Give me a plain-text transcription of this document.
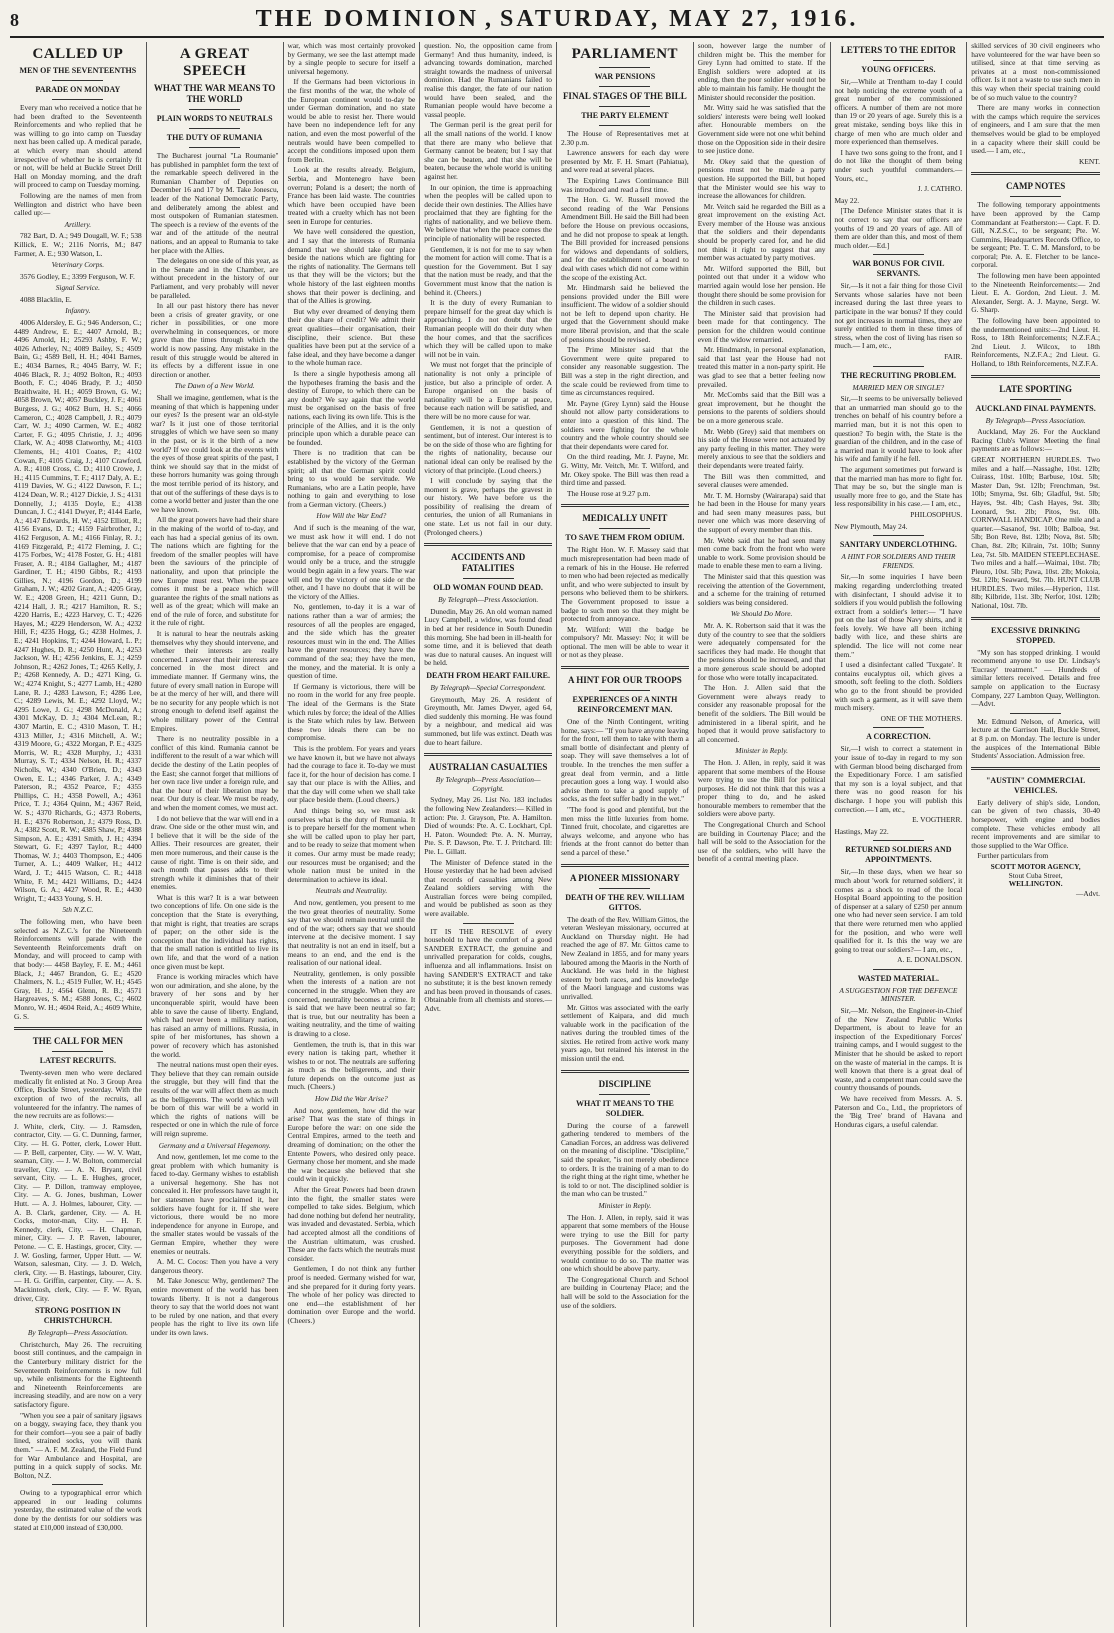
8	THE DOMINION , SATURDAY, MAY 27, 1916.
CALLED UP
MEN OF THE SEVENTEENTHS
PARADE ON MONDAY

Every man who received a notice that he had been drafted to the Seventeenth Reinforcements and who replied that he was willing to go into camp on Tuesday next has been called up. A medical parade, at which every man should attend irrespective of whether he is certainly fit or not, will be held at Buckle Street Drill Hall on Monday morning, and the draft will proceed to camp on Tuesday morning.

Following are the names of men from Wellington and district who have been called up:—

Artillery.

782 Bart, D. A.; 949 Dougall, W. F.; 538 Killick, E. W.; 2116 Norris, M.; 847 Farmer, A. E.; 930 Watson, L.

Veterinary Corps.

3576 Godley, E.; 3399 Ferguson, W. F.

Signal Service.

4088 Blacklin, E.

Infantry.

4006 Aldersley, E. G.; 946 Anderson, C.; 4489 Andrew, E. E.; 4407 Arnold, B.; 4496 Arnold, H.; 25293 Ashby, F. W.; 4026 Atherley, N.; 4089 Bailey, S.; 4509 Bain, G.; 4589 Bell, H. H.; 4041 Barnes, E.; 4034 Barnes, R.; 4045 Barry, W. F.; 4046 Black, R. J.; 4092 Bolton, R.; 4093 Booth, F. C.; 4046 Brady, P. J.; 4050 Braithwaite, H. H.; 4059 Brown, G. W.; 4058 Brown, W.; 4057 Buckley, J. F.; 4061 Burgess, J. G.; 4062 Burn, H. S.; 4066 Cameron, C.; 4028 Campbell, J. R.; 4079 Carr, W. J.; 4090 Carmen, W. E.; 4082 Carter, F. G.; 4095 Christie, J. J.; 4096 Clark, W. A.; 4098 Clatworthy, M.; 4103 Clements, H.; 4101 Coates, P.; 4102 Cowan, F.; 4105 Craig, J.; 4107 Crawford, A. R.; 4108 Cross, C. D.; 4110 Crowe, J. H.; 4115 Cummins, T. F.; 4117 Daly, A. E.; 4119 Davies, W. G.; 4122 Dawson, F. L.; 4124 Dean, W. R.; 4127 Dickie, J. S.; 4131 Donnelly, J.; 4135 Doyle, E.; 4138 Duncan, J. C.; 4141 Dwyer, P.; 4144 Earle, A.; 4147 Edwards, H. W.; 4152 Elliott, R.; 4156 Evans, D. T.; 4159 Fairbrother, J.; 4162 Ferguson, A. M.; 4166 Finlay, R. J.; 4169 Fitzgerald, P.; 4172 Fleming, J. C.; 4175 Forbes, W.; 4178 Foster, G. H.; 4181 Fraser, A. R.; 4184 Gallagher, M.; 4187 Gardiner, T. H.; 4190 Gibbs, R.; 4193 Gillies, N.; 4196 Gordon, D.; 4199 Graham, J. W.; 4202 Grant, A.; 4205 Gray, W. E.; 4208 Green, H.; 4211 Gunn, D.; 4214 Hall, J. R.; 4217 Hamilton, R. S.; 4220 Harris, E.; 4223 Harvey, C. T.; 4226 Hayes, M.; 4229 Henderson, W. A.; 4232 Hill, F.; 4235 Hogg, G.; 4238 Holmes, J. E.; 4241 Hopkins, T.; 4244 Howard, L. P.; 4247 Hughes, D. R.; 4250 Hunt, A.; 4253 Jackson, W. H.; 4256 Jenkins, E. J.; 4259 Johnson, R.; 4262 Jones, T.; 4265 Kelly, J. P.; 4268 Kennedy, A. D.; 4271 King, G. W.; 4274 Knight, S.; 4277 Lamb, H.; 4280 Lane, R. J.; 4283 Lawson, F.; 4286 Lee, C.; 4289 Lewis, M. E.; 4292 Lloyd, W.; 4295 Lowe, J. G.; 4298 McDonald, A.; 4301 McKay, D. J.; 4304 McLean, R.; 4307 Martin, E. C.; 4310 Mason, T. H.; 4313 Miller, J.; 4316 Mitchell, A. W.; 4319 Moore, G.; 4322 Morgan, P. E.; 4325 Morris, W. R.; 4328 Murphy, J.; 4331 Murray, S. T.; 4334 Nelson, H. R.; 4337 Nicholls, W.; 4340 O'Brien, D.; 4343 Owen, E. L.; 4346 Parker, J. A.; 4349 Paterson, R.; 4352 Pearce, F.; 4355 Phillips, C. H.; 4358 Powell, A.; 4361 Price, T. J.; 4364 Quinn, M.; 4367 Reid, W. S.; 4370 Richards, G.; 4373 Roberts, H. E.; 4376 Robertson, J.; 4379 Ross, D. A.; 4382 Scott, R. W.; 4385 Shaw, P.; 4388 Simpson, A. E.; 4391 Smith, J. H.; 4394 Stewart, G. F.; 4397 Taylor, R.; 4400 Thomas, W. J.; 4403 Thompson, E.; 4406 Turner, A. L.; 4409 Walker, H.; 4412 Ward, J. T.; 4415 Watson, C. R.; 4418 White, F. M.; 4421 Williams, D.; 4424 Wilson, G. A.; 4427 Wood, R. E.; 4430 Wright, T.; 4433 Young, S. H.

5th N.Z.C.

The following men, who have been selected as N.Z.C.'s for the Nineteenth Reinforcements will parade with the Seventeenth Reinforcements draft on Monday, and will proceed to camp with that body:— 4458 Bayley, F. E. M.; 4461 Black, J.; 4467 Brandon, G. E.; 4520 Chalmers, N. L.; 4519 Fuller, W. H.; 4545 Gray, H. J.; 4564 Glenn, R. B.; 4571 Hargreaves, S. M.; 4588 Jones, C.; 4602 Monro, W. H.; 4604 Reid, A.; 4609 White, G. S.

THE CALL FOR MEN
LATEST RECRUITS.

Twenty-seven men who were declared medically fit enlisted at No. 3 Group Area Office, Buckle Street, yesterday. With the exception of two of the recruits, all volunteered for the infantry. The names of the new recruits are as follows:—

J. White, clerk, City. — J. Ramsden, contractor, City. — G. C. Dunning, farmer, City. — H. G. Potter, clerk, Lower Hutt. — P. Bell, carpenter, City. — W. V. Watt, seaman, City. — J. W. Bolton, commercial traveller, City. — A. N. Bryant, civil servant, City. — L. E. Hughes, grocer, City. — P. Dillon, tramway employee, City. — A. G. Jones, bushman, Lower Hutt. — A. J. Holmes, labourer, City. — A. B. Clark, gardener, City. — A. H. Cocks, motor-man, City. — H. F. Kennedy, clerk, City. — H. Chapman, miner, City. — J. P. Raven, labourer, Petone. — C. E. Hastings, grocer, City. — J. W. Gosling, farmer, Upper Hutt. — W. Watson, salesman, City. — J. D. Welch, clerk, City. — B. Hastings, labourer, City. — H. G. Griffin, carpenter, City. — A. S. Mackintosh, clerk, City. — F. W. Ryan, driver, City.

STRONG POSITION IN CHRISTCHURCH.
By Telegraph—Press Association.

Christchurch, May 26. The recruiting boost still continues, and the campaign in the Canterbury military district for the Seventeenth Reinforcements is now full up, while enlistments for the Eighteenth and Nineteenth Reinforcements are increasing steadily, and are now on a very satisfactory figure.

"When you see a pair of sanitary jigsaws on a boggy, swaying face, they thank you for their comfort—you see a pair of badly lined, strained socks, you will thank them." — A. F. M. Zealand, the Field Fund for War Ambulance and Hospital, are putting in a quick supply of socks. Mr. Bolton, N.Z.

Owing to a typographical error which appeared in our leading columns yesterday, the estimated value of the work done by the dentists for our soldiers was stated at £10,000 instead of £30,000.

A GREAT SPEECH
WHAT THE WAR MEANS TO THE WORLD
PLAIN WORDS TO NEUTRALS
THE DUTY OF RUMANIA

The Bucharest journal "La Roumanie" has published in pamphlet form the text of the remarkable speech delivered in the Rumanian Chamber of Deputies on December 16 and 17 by M. Take Jonescu, leader of the National Democratic Party, and deliberately among the ablest and most outspoken of Rumanian statesmen. The speech is a review of the events of the war and of the attitude of the neutral nations, and an appeal to Rumania to take her place with the Allies.

The delegates on one side of this year, as in the Senate and in the Chamber, are without precedent in the history of our Parliament, and very probably will never be paralleled.

In all our past history there has never been a crisis of greater gravity, or one richer in possibilities, or one more overwhelming in consequences, or more grave than the times through which the world is now passing. Any mistake in the result of this struggle would be altered in its effects by a different issue in one direction or another.

The Dawn of a New World.

Shall we imagine, gentlemen, what is the meaning of that which is happening under our eyes? Is the present war an old-style war? Is it just one of those territorial struggles of which we have seen so many in the past, or is it the birth of a new world? If we could look at the events with the eyes of those great spirits of the past, I think we should say that in the midst of these horrors humanity was going through the most terrible period of its history, and that out of the sufferings of these days is to come a world better and juster than the one we have known.

All the great powers have had their share in the making of the world of to-day, and each has had a special genius of its own. The nations which are fighting for the freedom of the smaller peoples will have been the saviours of the principle of nationality, and upon that principle the new Europe must rest. When the peace comes it must be a peace which will guarantee the rights of the small nations as well as of the great; which will make an end of the rule of force, and substitute for it the rule of right.

It is natural to hear the neutrals asking themselves why they should intervene, and whether their interests are really concerned. I answer that their interests are concerned in the most direct and immediate manner. If Germany wins, the future of every small nation in Europe will be at the mercy of her will, and there will be no security for any people which is not strong enough to defend itself against the whole military power of the Central Empires.

There is no neutrality possible in a conflict of this kind. Rumania cannot be indifferent to the result of a war which will decide the destiny of the Latin peoples of the East; she cannot forget that millions of her own race live under a foreign rule, and that the hour of their liberation may be near. Our duty is clear. We must be ready, and when the moment comes, we must act.

I do not believe that the war will end in a draw. One side or the other must win, and I believe that it will be the side of the Allies. Their resources are greater, their men more numerous, and their cause is the cause of right. Time is on their side, and each month that passes adds to their strength while it diminishes that of their enemies.

What is this war? It is a war between two conceptions of life. On one side is the conception that the State is everything, that might is right, that treaties are scraps of paper; on the other side is the conception that the individual has rights, that the small nation is entitled to live its own life, and that the word of a nation once given must be kept.

France is working miracles which have won our admiration, and she alone, by the bravery of her sons and by her unconquerable spirit, would have been able to save the cause of liberty. England, which had never been a military nation, has raised an army of millions. Russia, in spite of her misfortunes, has shown a power of recovery which has astonished the world.

The neutral nations must open their eyes. They believe that they can remain outside the struggle, but they will find that the results of the war will affect them as much as the belligerents. The world which will be born of this war will be a world in which the rights of nations will be respected or one in which the rule of force will reign supreme.

Germany and a Universal Hegemony.

And now, gentlemen, let me come to the great problem with which humanity is faced to-day. Germany wishes to establish a universal hegemony. She has not concealed it. Her professors have taught it, her statesmen have proclaimed it, her soldiers have fought for it. If she were victorious, there would be no more independence for anyone in Europe, and the smaller states would be vassals of the German Empire, whether they were enemies or neutrals.

A. M. C. Cocos: Then you have a very dangerous theory.

M. Take Jonescu: Why, gentlemen? The entire movement of the world has been towards liberty. It is not a dangerous theory to say that the world does not want to be ruled by one nation, and that every people has the right to live its own life under its own laws.

war, which was most certainly provoked by Germany, we see the last attempt made by a single people to secure for itself a universal hegemony.

If the Germans had been victorious in the first months of the war, the whole of the European continent would to-day be under German domination, and no state would be able to resist her. There would have been no independence left for any nation, and even the most powerful of the neutrals would have been compelled to accept the conditions imposed upon them from Berlin.

Look at the results already. Belgium, Serbia, and Montenegro have been overrun; Poland is a desert; the north of France has been laid waste. The countries which have been occupied have been treated with a cruelty which has not been seen in Europe for centuries.

We have well considered the question, and I say that the interests of Rumania demand that we should take our place beside the nations which are fighting for the rights of nationality. The Germans tell us that they will be the victors; but the whole history of the last eighteen months shows that their power is declining, and that of the Allies is growing.

But why ever dreamed of denying them their due share of credit? We admit their great qualities—their organisation, their discipline, their science. But these qualities have been put at the service of a false ideal, and they have become a danger to the whole human race.

Is there a single hypothesis among all the hypotheses framing the basis and the destiny of Europe, to which there can be any doubt? We say again that the world must be organised on the basis of free nations, each living its own life. This is the principle of the Allies, and it is the only principle upon which a durable peace can be founded.

There is no tradition that can be established by the victory of the German spirit; all that the German spirit could bring to us would be servitude. We Rumanians, who are a Latin people, have nothing to gain and everything to lose from a German victory. (Cheers.)

How Will the War End?

And if such is the meaning of the war, we must ask how it will end. I do not believe that the war can end by a peace of compromise, for a peace of compromise would only be a truce, and the struggle would begin again in a few years. The war will end by the victory of one side or the other, and I have no doubt that it will be the victory of the Allies.

No, gentlemen, to-day it is a war of nations rather than a war of armies; the resources of all the peoples are engaged, and the side which has the greater resources must win in the end. The Allies have the greater resources; they have the command of the sea; they have the men, the money, and the material. It is only a question of time.

If Germany is victorious, there will be no room in the world for any free people. The ideal of the Germans is the State which rules by force; the ideal of the Allies is the State which rules by law. Between these two ideals there can be no compromise.

This is the problem. For years and years we have known it, but we have not always had the courage to face it. To-day we must face it, for the hour of decision has come. I say that our place is with the Allies, and that the day will come when we shall take our place beside them. (Loud cheers.)

And things being so, we must ask ourselves what is the duty of Rumania. It is to prepare herself for the moment when she will be called upon to play her part, and to be ready to seize that moment when it comes. Our army must be made ready; our resources must be organised; and the whole nation must be united in the determination to achieve its ideal.

Neutrals and Neutrality.

And now, gentlemen, you present to me the two great theories of neutrality. Some say that we should remain neutral until the end of the war; others say that we should intervene at the decisive moment. I say that neutrality is not an end in itself, but a means to an end, and the end is the realisation of our national ideal.

Neutrality, gentlemen, is only possible when the interests of a nation are not concerned in the struggle. When they are concerned, neutrality becomes a crime. It is said that we have been neutral so far; that is true, but our neutrality has been a waiting neutrality, and the time of waiting is drawing to a close.

Gentlemen, the truth is, that in this war every nation is taking part, whether it wishes to or not. The neutrals are suffering as much as the belligerents, and their future depends on the outcome just as much. (Cheers.)

How Did the War Arise?

And now, gentlemen, how did the war arise? That was the state of things in Europe before the war: on one side the Central Empires, armed to the teeth and dreaming of domination; on the other the Entente Powers, who desired only peace. Germany chose her moment, and she made the war because she believed that she could win it quickly.

After the Great Powers had been drawn into the fight, the smaller states were compelled to take sides. Belgium, which had done nothing but defend her neutrality, was invaded and devastated. Serbia, which had accepted almost all the conditions of the Austrian ultimatum, was crushed. These are the facts which the neutrals must consider.

Gentlemen, I do not think any further proof is needed. Germany wished for war, and she prepared for it during forty years. The whole of her policy was directed to one end—the establishment of her domination over Europe and the world. (Cheers.)

question. No, the opposition came from Germany! And thus humanity, indeed, is advancing towards domination, marched straight towards the madness of universal dominion. Had the Rumanians failed to realise this danger, the fate of our nation would have been sealed, and the Rumanian people would have become a vassal people.

The German peril is the great peril for all the small nations of the world. I know that there are many who believe that Germany cannot be beaten; but I say that she can be beaten, and that she will be beaten, because the whole world is uniting against her.

In our opinion, the time is approaching when the peoples will be called upon to decide their own destinies. The Allies have proclaimed that they are fighting for the rights of nationality, and we believe them. We believe that when the peace comes the principle of nationality will be respected.

Gentlemen, it is not for me to say when the moment for action will come. That is a question for the Government. But I say that the nation must be ready, and that the Government must know that the nation is behind it. (Cheers.)

It is the duty of every Rumanian to prepare himself for the great day which is approaching. I do not doubt that the Rumanian people will do their duty when the hour comes, and that the sacrifices which they will be called upon to make will not be in vain.

We must not forget that the principle of nationality is not only a principle of justice, but also a principle of order. A Europe organised on the basis of nationality will be a Europe at peace, because each nation will be satisfied, and there will be no more cause for war.

Gentlemen, it is not a question of sentiment, but of interest. Our interest is to be on the side of those who are fighting for the rights of nationality, because our national ideal can only be realised by the victory of that principle. (Loud cheers.)

I will conclude by saying that the moment is grave, perhaps the gravest in our history. We have before us the possibility of realising the dream of centuries, the union of all Rumanians in one state. Let us not fail in our duty. (Prolonged cheers.)

ACCIDENTS AND FATALITIES
OLD WOMAN FOUND DEAD.
By Telegraph—Press Association.

Dunedin, May 26. An old woman named Lucy Campbell, a widow, was found dead in bed at her residence in South Dunedin this morning. She had been in ill-health for some time, and it is believed that death was due to natural causes. An inquest will be held.

DEATH FROM HEART FAILURE.
By Telegraph—Special Correspondent.

Greymouth, May 26. A resident of Greymouth, Mr. James Dwyer, aged 64, died suddenly this morning. He was found by a neighbour, and medical aid was summoned, but life was extinct. Death was due to heart failure.

AUSTRALIAN CASUALTIES
By Telegraph—Press Association—Copyright.

Sydney, May 26. List No. 183 includes the following New Zealanders:— Killed in action: Pte. J. Grayson, Pte. A. Hamilton. Died of wounds: Pte. A. C. Lockhart, Cpl. H. Paton. Wounded: Pte. A. N. Murray, Pte. S. P. Dawson, Pte. T. J. Pritchard. Ill: Pte. L. Gillatt.

The Minister of Defence stated in the House yesterday that he had been advised that records of casualties among New Zealand soldiers serving with the Australian forces were being compiled, and would be published as soon as they were available.

IT IS THE RESOLVE of every household to have the comfort of a good SANDER EXTRACT, the genuine and unrivalled preparation for colds, coughs, influenza and all inflammations. Insist on having SANDER'S EXTRACT and take no substitute; it is the best known remedy and has been proved in thousands of cases. Obtainable from all chemists and stores.—Advt.

PARLIAMENT
WAR PENSIONS
FINAL STAGES OF THE BILL
THE PARTY ELEMENT

The House of Representatives met at 2.30 p.m.

Lawrence answers for each day were presented by Mr. F. H. Smart (Pahiatua), and were read at several places.

The Expiring Laws Continuance Bill was introduced and read a first time.

The Hon. G. W. Russell moved the second reading of the War Pensions Amendment Bill. He said the Bill had been before the House on previous occasions, and he did not propose to speak at length. The Bill provided for increased pensions for widows and dependants of soldiers, and for the establishment of a board to deal with cases which did not come within the scope of the existing Act.

Mr. Hindmarsh said he believed the pensions provided under the Bill were insufficient. The widow of a soldier should not be left to depend upon charity. He urged that the Government should make more liberal provision, and that the scale of pensions should be revised.

The Prime Minister said that the Government were quite prepared to consider any reasonable suggestion. The Bill was a step in the right direction, and the scale could be reviewed from time to time as circumstances required.

Mr. Payne (Grey Lynn) said the House should not allow party considerations to enter into a question of this kind. The soldiers were fighting for the whole country and the whole country should see that their dependants were cared for.

On the third reading, Mr. J. Payne, Mr. G. Witty, Mr. Veitch, Mr. T. Wilford, and Mr. Okey spoke. The Bill was then read a third time and passed.

The House rose at 9.27 p.m.

MEDICALLY UNFIT
TO SAVE THEM FROM ODIUM.

The Right Hon. W. F. Massey said that much misrepresentation had been made of a remark of his in the House. He referred to men who had been rejected as medically unfit, and who were subjected to insult by persons who believed them to be shirkers. The Government proposed to issue a badge to such men so that they might be protected from annoyance.

Mr. Wilford: Will the badge be compulsory? Mr. Massey: No; it will be optional. The men will be able to wear it or not as they please.

A HINT FOR OUR TROOPS
EXPERIENCES OF A NINTH REINFORCEMENT MAN.

One of the Ninth Contingent, writing home, says:— "If you have anyone leaving for the front, tell them to take with them a small bottle of disinfectant and plenty of soap. They will save themselves a lot of trouble. In the trenches the men suffer a great deal from vermin, and a little precaution goes a long way. I would also advise them to take a good supply of socks, as the feet suffer badly in the wet."

"The food is good and plentiful, but the men miss the little luxuries from home. Tinned fruit, chocolate, and cigarettes are always welcome, and anyone who has friends at the front cannot do better than send a parcel of these."

A PIONEER MISSIONARY
DEATH OF THE REV. WILLIAM GITTOS.

The death of the Rev. William Gittos, the veteran Wesleyan missionary, occurred at Auckland on Thursday night. He had reached the age of 87. Mr. Gittos came to New Zealand in 1855, and for many years laboured among the Maoris in the North of Auckland. He was held in the highest esteem by both races, and his knowledge of the Maori language and customs was unrivalled.

Mr. Gittos was associated with the early settlement of Kaipara, and did much valuable work in the pacification of the natives during the troubled times of the sixties. He retired from active work many years ago, but retained his interest in the mission until the end.

DISCIPLINE
WHAT IT MEANS TO THE SOLDIER.

During the course of a farewell gathering tendered to members of the Canadian Forces, an address was delivered on the meaning of discipline. "Discipline," said the speaker, "is not merely obedience to orders. It is the training of a man to do the right thing at the right time, whether he is told to or not. The disciplined soldier is the man who can be trusted."

Minister in Reply.

The Hon. J. Allen, in reply, said it was apparent that some members of the House were trying to use the Bill for party purposes. The Government had done everything possible for the soldiers, and would continue to do so. The matter was one which should be above party.

The Congregational Church and School are building in Courtenay Place; and the hall will be sold to the Association for the use of the soldiers.

soon, however large the number of children might be. This the member for Grey Lynn had omitted to state. If the English soldiers were adopted at its ending, then the poor soldier would not be able to maintain his family. He thought the Minister should reconsider the position.

Mr. Witty said he was satisfied that the soldiers' interests were being well looked after. Honourable members on the Government side were not one whit behind those on the Opposition side in their desire to see justice done.

Mr. Okey said that the question of pensions must not be made a party question. He supported the Bill, but hoped that the Minister would see his way to increase the allowances for children.

Mr. Veitch said he regarded the Bill as a great improvement on the existing Act. Every member of the House was anxious that the soldiers and their dependants should be properly cared for, and he did not think it right to suggest that any member was actuated by party motives.

Mr. Wilford supported the Bill, but pointed out that under it a widow who married again would lose her pension. He thought there should be some provision for the children in such cases.

The Minister said that provision had been made for that contingency. The pension for the children would continue even if the widow remarried.

Mr. Hindmarsh, in personal explanation, said that last year the House had not treated this matter in a non-party spirit. He was glad to see that a better feeling now prevailed.

Mr. McCombs said that the Bill was a great improvement, but he thought the pensions to the parents of soldiers should be on a more generous scale.

Mr. Webb (Grey) said that members on his side of the House were not actuated by any party feeling in this matter. They were merely anxious to see that the soldiers and their dependants were treated fairly.

The Bill was then committed, and several clauses were amended.

Mr. T. M. Hornsby (Wairarapa) said that he had been in the House for many years and had seen many measures pass, but never one which was more deserving of the support of every member than this.

Mr. Webb said that he had seen many men come back from the front who were unable to work. Some provision should be made to enable these men to earn a living.

The Minister said that this question was receiving the attention of the Government, and a scheme for the training of returned soldiers was being considered.

We Should Do More.

Mr. A. K. Robertson said that it was the duty of the country to see that the soldiers were adequately compensated for the sacrifices they had made. He thought that the pensions should be increased, and that a more generous scale should be adopted for those who were totally incapacitated.

The Hon. J. Allen said that the Government were always ready to consider any reasonable proposal for the benefit of the soldiers. The Bill would be administered in a liberal spirit, and he hoped that it would prove satisfactory to all concerned.

Minister in Reply.

The Hon. J. Allen, in reply, said it was apparent that some members of the House were trying to use the Bill for political purposes. He did not think that this was a proper thing to do, and he asked honourable members to remember that the soldiers were above party.

The Congregational Church and School are building in Courtenay Place; and the hall will be sold to the Association for the use of the soldiers, who will have the benefit of a central meeting place.

LETTERS TO THE EDITOR
YOUNG OFFICERS.

Sir,—While at Trentham to-day I could not help noticing the extreme youth of a great number of the commissioned officers. A number of them are not more than 19 or 20 years of age. Surely this is a great mistake, sending boys like this in charge of men who are much older and more experienced than themselves.

I have two sons going to the front, and I do not like the thought of them being under such youthful commanders.— Yours, etc.,

J. J. CATHRO.

May 22.

[The Defence Minister states that it is not correct to say that our officers are youths of 19 and 20 years of age. All of them are older than this, and most of them much older.—Ed.]

WAR BONUS FOR CIVIL SERVANTS.

Sir,—Is it not a fair thing for those Civil Servants whose salaries have not been increased during the last three years to participate in the war bonus? If they could not get increases in normal times, they are surely entitled to them in these times of stress, when the cost of living has risen so much.— I am, etc.,

FAIR.
THE RECRUITING PROBLEM.
MARRIED MEN OR SINGLE?

Sir,—It seems to be universally believed that an unmarried man should go to the trenches on behalf of his country before a married man, but it is not this open to question? To begin with, the State is the guardian of the children, and in the case of a married man it would have to look after his wife and family if he fell.

The argument sometimes put forward is that the married man has more to fight for. That may be so, but the single man is usually more free to go, and the State has less responsibility in his case.— I am, etc.,

PHILOSOPHUS.

New Plymouth, May 24.

SANITARY UNDERCLOTHING.
A HINT FOR SOLDIERS AND THEIR FRIENDS.

Sir,—In some inquiries I have been making regarding underclothing treated with disinfectant, I should advise it to soldiers if you would publish the following extract from a soldier's letter:— "I have put on the last of those Navy shirts, and it feels lovely. We have all been itching badly with lice, and these shirts are splendid. The lice will not come near them."

I used a disinfectant called 'Tuxgate'. It contains eucalyptus oil, which gives a smooth, soft feeling to the cloth. Soldiers who go to the front should be provided with such a garment, as it will save them much misery.

ONE OF THE MOTHERS.
A CORRECTION.

Sir,—I wish to correct a statement in your issue of to-day in regard to my son with German blood being discharged from the Expeditionary Force. I am satisfied that my son is a loyal subject, and that there was no good reason for his discharge. I hope you will publish this correction.— I am, etc.,

E. VOGTHERR.

Hastings, May 22.

RETURNED SOLDIERS AND APPOINTMENTS.

Sir,—In these days, when we hear so much about 'work for returned soldiers', it comes as a shock to read of the local Hospital Board appointing to the position of dispenser at a salary of £250 per annum one who had never seen service. I am told that there were returned men who applied for the position, and who were well qualified for it. Is this the way we are going to treat our soldiers?— I am, etc.,

A. E. DONALDSON.
WASTED MATERIAL.
A SUGGESTION FOR THE DEFENCE MINISTER.

Sir,—Mr. Nelson, the Engineer-in-Chief of the New Zealand Public Works Department, is about to leave for an inspection of the Expeditionary Forces' training camps, and I would suggest to the Minister that he should be asked to report on the waste of material in the camps. It is well known that there is a great deal of waste, and a competent man could save the country thousands of pounds.

We have received from Messrs. A. S. Paterson and Co., Ltd., the proprietors of the 'Big Tree' brand of Havana and Honduras cigars, a useful calendar.

skilled services of 30 civil engineers who have volunteered for the war have been so utilised, since at that time serving as privates at a most non-commissioned officer. Is it not a waste to use such men in this way when their special training could be of so much value to the country?

There are many works in connection with the camps which require the services of engineers, and I am sure that the men themselves would be glad to be employed in a capacity where their skill could be used.— I am, etc.,

KENT.
CAMP NOTES

The following temporary appointments have been approved by the Camp Commandant at Featherston:— Capt. F. D. Gill, N.Z.S.C., to be sergeant; Pte. W. Cummins, Headquarters Records Office, to be sergeant; Pte. T. C. M. Mansford, to be corporal; Pte. A. E. Fletcher to be lance-corporal.

The following men have been appointed to the Nineteenth Reinforcements:— 2nd Lieut. E. A. Gordon, 2nd Lieut. J. M. Alexander, Sergt. A. J. Mayne, Sergt. W. G. Sharp.

The following have been appointed to the undermentioned units:—2nd Lieut. H. Ross, to 18th Reinforcements; N.Z.F.A.; 2nd Lieut. J. Wilcox, to 18th Reinforcements, N.Z.F.A.; 2nd Lieut. G. Holland, to 18th Reinforcements, N.Z.F.A.

LATE SPORTING
AUCKLAND FINAL PAYMENTS.
By Telegraph—Press Association.

Auckland, May 26. For the Auckland Racing Club's Winter Meeting the final payments are as follows:—

GREAT NORTHERN HURDLES. Two miles and a half.—Nassaghe, 10st. 12lb; Cuirass, 10st. 10lb; Barbuse, 10st. 5lb; Master Dan, 9st. 12lb; Frenchman, 9st. 10lb; Smyrna, 9st. 6lb; Gladful, 9st. 5lb; Hayes, 9st. 4lb; Cash Hayes, 9st. 3lb; Leonard, 9st. 2lb; Pitos, 9st. 0lb. CORNWALL HANDICAP. One mile and a quarter.—Sasanof, 9st. 10lb; Balboa, 9st. 5lb; Bon Reve, 8st. 12lb; Nova, 8st. 5lb; Chan, 8st. 2lb; Kilrain, 7st. 10lb; Sunny Lea, 7st. 5lb. MAIDEN STEEPLECHASE. Two miles and a half.—Waimai, 10st. 7lb; Pleuro, 10st. 5lb; Pawa, 10st. 2lb; Mokoia, 9st. 12lb; Seaward, 9st. 7lb. HUNT CLUB HURDLES. Two miles.—Hyperion, 11st. 8lb; Kilbride, 11st. 3lb; Nerfor, 10st. 12lb; National, 10st. 7lb.

EXCESSIVE DRINKING STOPPED.

"My son has stopped drinking. I would recommend anyone to use Dr. Lindsay's 'Eucrasy' treatment." — Hundreds of similar letters received. Details and free sample on application to the Eucrasy Company, 227 Lambton Quay, Wellington.—Advt.

Mr. Edmund Nelson, of America, will lecture at the Garrison Hall, Buckle Street, at 8 p.m. on Monday. The lecture is under the auspices of the International Bible Students' Association. Admission free.

"AUSTIN" COMMERCIAL VEHICLES.

Early delivery of ship's side, London, can be given of two chassis, 30-40 horsepower, with engine and bodies complete. These vehicles embody all recent improvements and are similar to those supplied to the War Office.

Further particulars from

SCOTT MOTOR AGENCY,
Stout Cuba Street,
WELLINGTON.
—Advt.
